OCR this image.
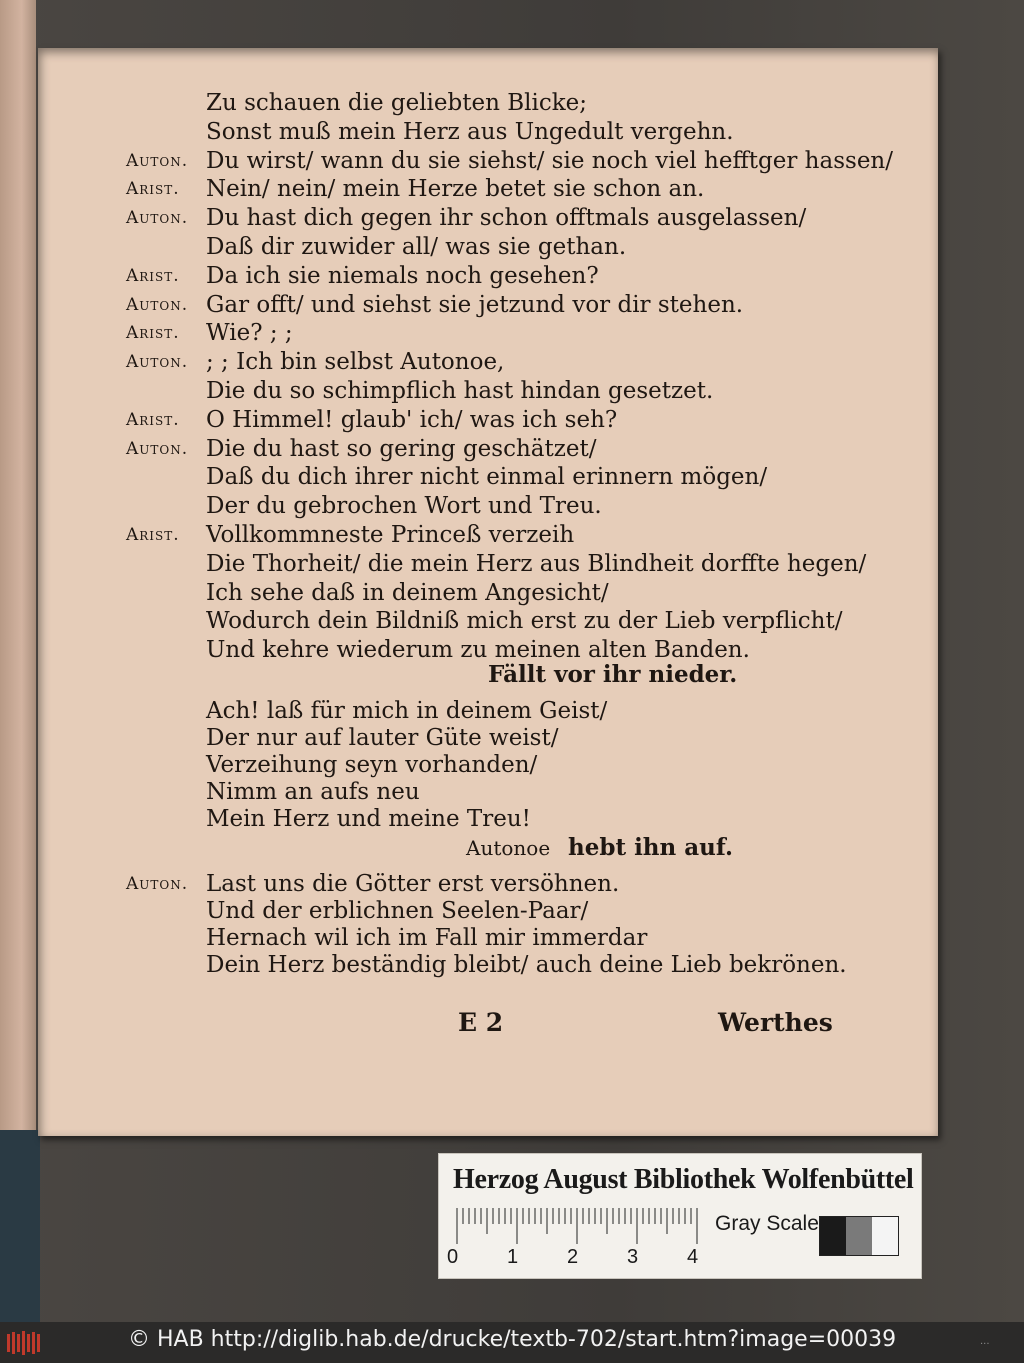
Zu schauen die geliebten Blicke;
Sonst muß mein Herz aus Ungedult vergehn.
Auton. Du wirst/ wann du sie siehst/ sie noch viel hefftger hassen/
Arist. Nein/ nein/ mein Herze betet sie schon an.
Auton. Du hast dich gegen ihr schon offtmals ausgelassen/
Daß dir zuwider all/ was sie gethan.
Arist. Da ich sie niemals noch gesehen?
Auton. Gar offt/ und siehst sie jetzund vor dir stehen.
Arist. Wie? ; ;
Auton. ; ; Ich bin selbst Autonoe,
Die du so schimpflich hast hindan gesetzet.
Arist. O Himmel! glaub' ich/ was ich seh?
Auton. Die du hast so gering geschätzet/
Daß du dich ihrer nicht einmal erinnern mögen/
Der du gebrochen Wort und Treu.
Arist. Vollkommneste Princeß verzeih
Die Thorheit/ die mein Herz aus Blindheit dorffte hegen/
Ich sehe daß in deinem Angesicht/
Wodurch dein Bildniß mich erst zu der Lieb verpflicht/
Und kehre wiederum zu meinen alten Banden.
Fällt vor ihr nieder.
Ach! laß für mich in deinem Geist/
Der nur auf lauter Güte weist/
Verzeihung seyn vorhanden/
Nimm an aufs neu
Mein Herz und meine Treu!
Autonoe hebt ihn auf.
Auton. Last uns die Götter erst versöhnen.
Und der erblichnen Seelen-Paar/
Hernach wil ich im Fall mir immerdar
Dein Herz beständig bleibt/ auch deine Lieb bekrönen.
E 2	Werthes
Herzog August Bibliothek Wolfenbüttel
0 1 2 3 4
Gray Scale
© HAB http://diglib.hab.de/drucke/textb-702/start.htm?image=00039	...
